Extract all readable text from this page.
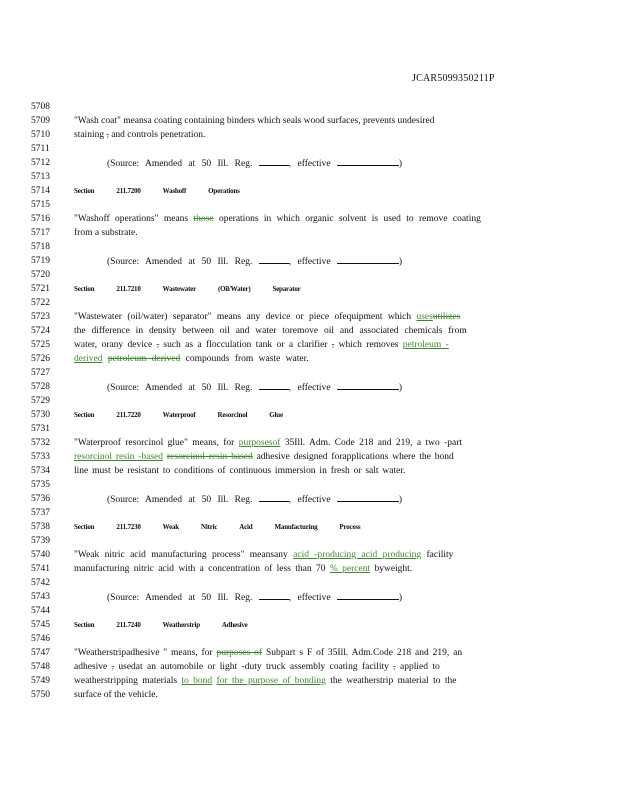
JCAR5099350211P
5708
5709
5710
5711
5712
5713
5714
5715
5716
5717
5718
5719
5720
5721
5722
5723
5724
5725
5726
5727
5728
5729
5730
5731
5732
5733
5734
5735
5736
5737
5738
5739
5740
5741
5742
5743
5744
5745
5746
5747
5748
5749
5750
"Wash coat" meansa coating containing binders which seals wood surfaces, prevents undesired
staining , and controls penetration.
(Source: Amended at 50 Ill. Reg.	, effective	)
Section	211.7200	Washoff	Operations
"Washoff operations" means those operations in which organic solvent is used to remove coating
from a substrate.
(Source: Amended at 50 Ill. Reg.	, effective	)
Section	211.7210	Wastewater	(Oil/Water)	Separator
"Wastewater (oil/water) separator" means any device or piece ofequipment which usesutilizes
the difference in density between oil and water toremove oil and associated chemicals from
water, orany device , such as a flocculation tank or a clarifier , which removes petroleum -
derived petroleum derived compounds from waste water.
(Source: Amended at 50 Ill. Reg.	, effective	)
Section	211.7220	Waterproof	Resorcinol	Glue
"Waterproof resorcinol glue" means, for purposesof 35Ill. Adm. Code 218 and 219, a two -part
resorcinol resin -based resorcinol resin based adhesive designed forapplications where the bond
line must be resistant to conditions of continuous immersion in fresh or salt water.
(Source: Amended at 50 Ill. Reg.	, effective	)
Section	211.7230	Weak	Nitric	Acid	Manufacturing	Process
"Weak nitric acid manufacturing process" meansany acid -producing acid producing facility
manufacturing nitric acid with a concentration of less than 70 % percent byweight.
(Source: Amended at 50 Ill. Reg.	, effective	)
Section	211.7240	Weatherstrip	Adhesive
"Weatherstripadhesive " means, for purposes of Subpart s F of 35Ill. Adm.Code 218 and 219, an
adhesive , usedat an automobile or light -duty truck assembly coating facility , applied to
weatherstripping materials to bond for the purpose of bonding the weatherstrip material to the
surface of the vehicle.
